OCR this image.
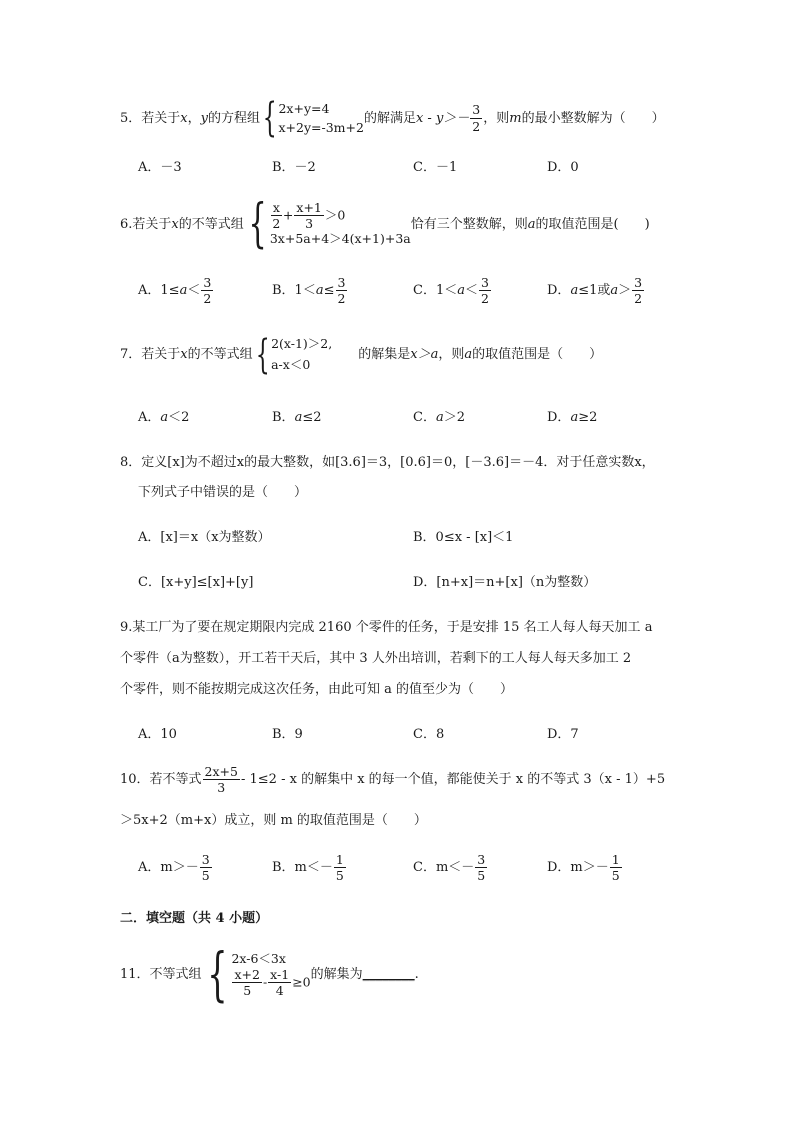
5．若关于x，y的方程组{ 2x+y=4
x+2y=-3m+2
的解满足$x - y>- \frac{3}{2}$ ，则m的最小整数解为（　　）
A．－3	B．－2	C．－1	D．0
6.若关于x的不等式组{ $\frac{x}{2} + \frac{x+1}{3} >0$
3x+5a+4＞4(x+1)+3a
恰有三个整数解，则a的取值范围是(　　)
A．$1\le a< \frac{3}{2}$	B．$1<a\le \frac{3}{2}$	C．$1<a< \frac{3}{2}$	D．a≤1或$a> \frac{3}{2}$
7．若关于x的不等式组{ 2(x-1)＞2,
a-x＜0
的解集是x＞a，则a的取值范围是（　　）
A．a＜2	B．a≤2	C．a＞2	D．a≥2
8．定义[x]为不超过x的最大整数，如[3.6]＝3，[0.6]＝0，[－3.6]＝－4．对于任意实数x，
下列式子中错误的是（　　）
A．[x]＝x（x为整数）	B．0≤x - [x]＜1
C．[x+y]≤[x]+[y]	D．[n+x]＝n+[x]（n为整数）
9.某工厂为了要在规定期限内完成 2160 个零件的任务，于是安排 15 名工人每人每天加工 a
个零件（a为整数），开工若干天后，其中 3 人外出培训，若剩下的工人每人每天多加工 2
个零件，则不能按期完成这次任务，由此可知 a 的值至少为（　　）
A．10	B．9	C．8	D．7
10．若不等式 $\frac{2x+5}{3} - 1\le 2 - x$ 的解集中 x 的每一个值，都能使关于 x 的不等式 3（x - 1）+5
＞5x+2（m+x）成立，则 m 的取值范围是（　　）
A．$m>- \frac{3}{5}$	B．$m<- \frac{1}{5}$	C．$m<- \frac{3}{5}$	D．$m>- \frac{1}{5}$
二．填空题（共 4 小题）
11．不等式组{ 2x-6＜3x
$\frac{x+2}{5} - \frac{x-1}{4} \ge 0$ 的解集为________.
